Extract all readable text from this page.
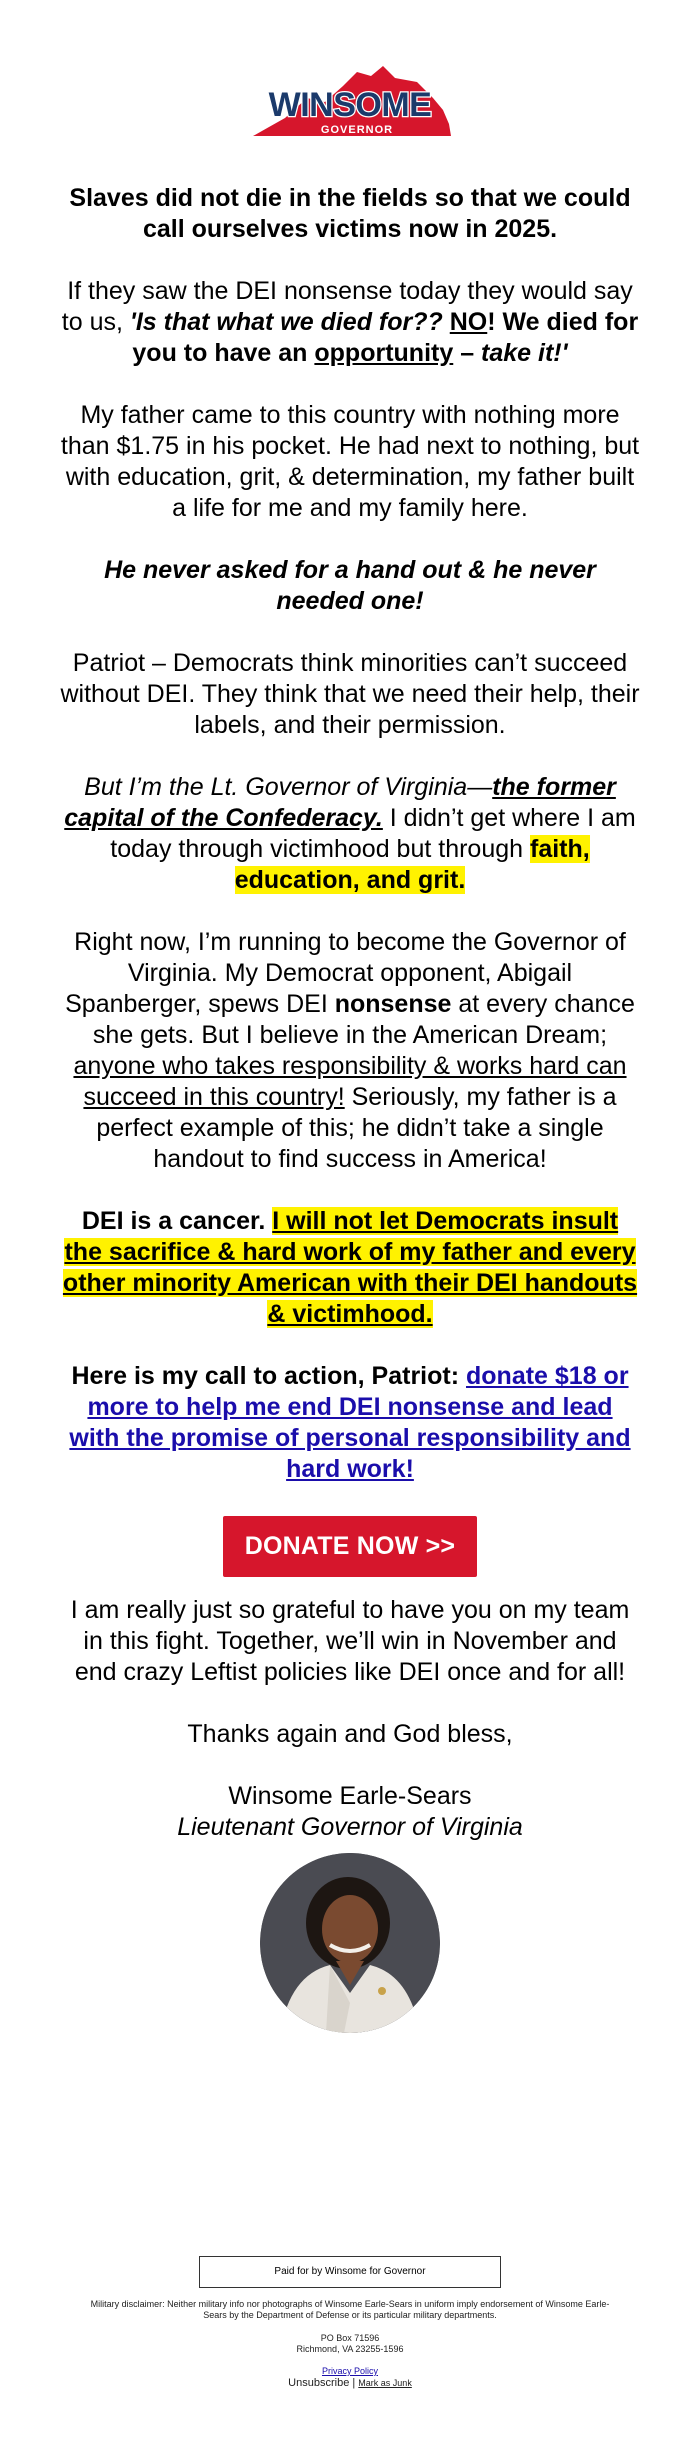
WINSOME
GOVERNOR

Slaves did not die in the fields so that we could call ourselves victims now in 2025.

If they saw the DEI nonsense today they would say to us, 'Is that what we died for?? NO! We died for you to have an opportunity – take it!'

My father came to this country with nothing more than $1.75 in his pocket. He had next to nothing, but with education, grit, & determination, my father built a life for me and my family here.

He never asked for a hand out & he never needed one!

Patriot – Democrats think minorities can’t succeed without DEI. They think that we need their help, their labels, and their permission.

But I’m the Lt. Governor of Virginia—the former capital of the Confederacy. I didn’t get where I am today through victimhood but through faith, education, and grit.

Right now, I’m running to become the Governor of Virginia. My Democrat opponent, Abigail Spanberger, spews DEI nonsense at every chance she gets. But I believe in the American Dream; anyone who takes responsibility & works hard can succeed in this country! Seriously, my father is a perfect example of this; he didn’t take a single handout to find success in America!

DEI is a cancer. I will not let Democrats insult the sacrifice & hard work of my father and every other minority American with their DEI handouts & victimhood.

Here is my call to action, Patriot: donate $18 or more to help me end DEI nonsense and lead with the promise of personal responsibility and hard work!

DONATE NOW >>

I am really just so grateful to have you on my team in this fight. Together, we’ll win in November and end crazy Leftist policies like DEI once and for all!

Thanks again and God bless,

Winsome Earle-Sears
Lieutenant Governor of Virginia

Paid for by Winsome for Governor
Military disclaimer: Neither military info nor photographs of Winsome Earle-Sears in uniform imply endorsement of Winsome Earle-Sears by the Department of Defense or its particular military departments.
PO Box 71596
Richmond, VA 23255-1596
Privacy Policy
Unsubscribe | Mark as Junk
